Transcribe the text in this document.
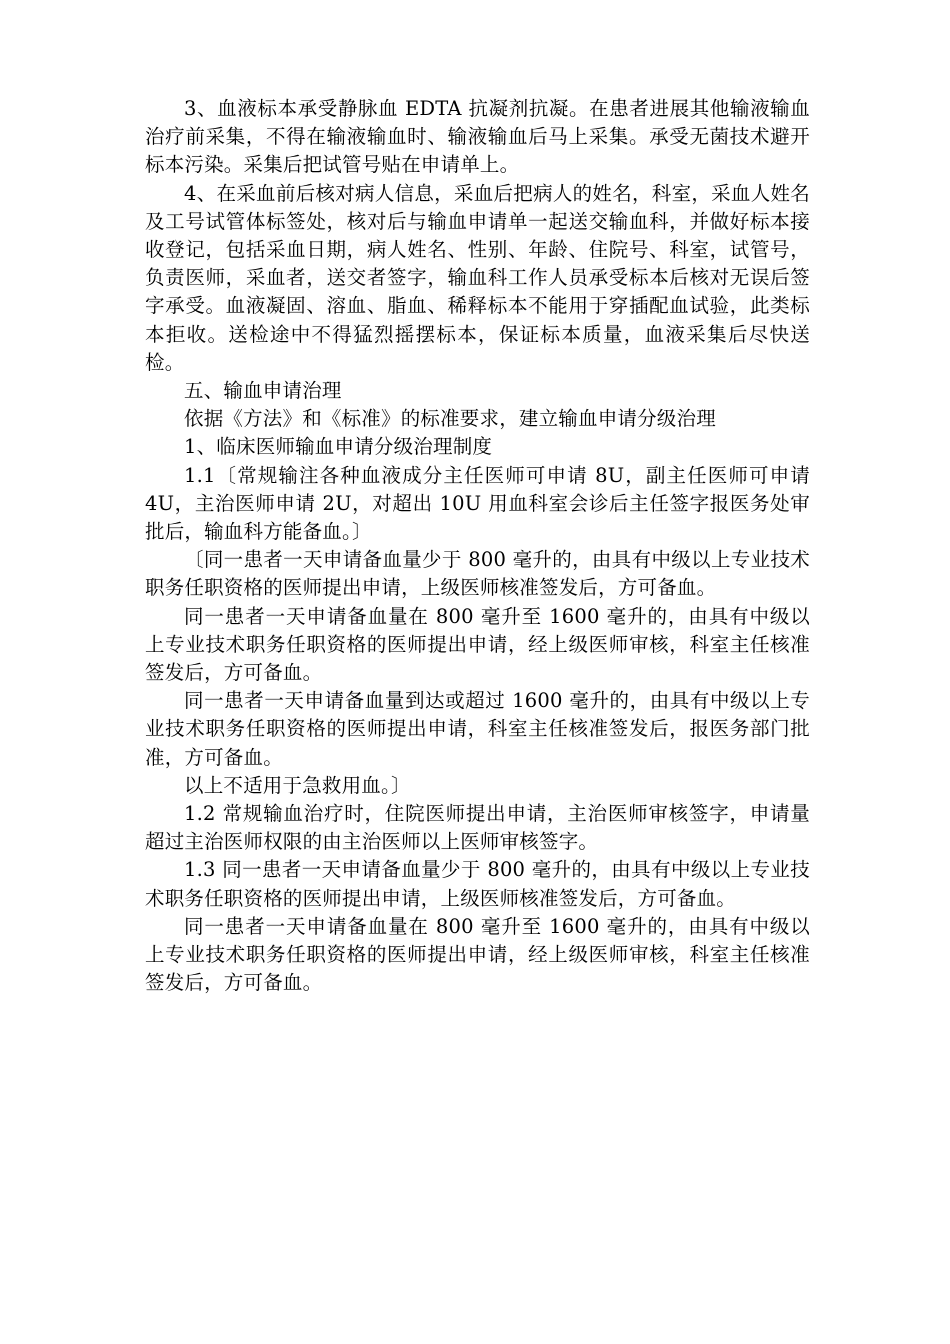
3、血液标本承受静脉血 EDTA 抗凝剂抗凝。在患者进展其他输液输血治疗前采集，不得在输液输血时、输液输血后马上采集。承受无菌技术避开标本污染。采集后把试管号贴在申请单上。

4、在采血前后核对病人信息，采血后把病人的姓名，科室，采血人姓名及工号试管体标签处，核对后与输血申请单一起送交输血科，并做好标本接收登记，包括采血日期，病人姓名、性别、年龄、住院号、科室，试管号，负责医师，采血者，送交者签字，输血科工作人员承受标本后核对无误后签字承受。血液凝固、溶血、脂血、稀释标本不能用于穿插配血试验，此类标本拒收。送检途中不得猛烈摇摆标本，保证标本质量，血液采集后尽快送检。

五、输血申请治理

依据《方法》和《标准》的标准要求，建立输血申请分级治理

1、临床医师输血申请分级治理制度

1.1〔常规输注各种血液成分主任医师可申请 8U，副主任医师可申请 4U，主治医师申请 2U，对超出 10U 用血科室会诊后主任签字报医务处审批后，输血科方能备血。〕

〔同一患者一天申请备血量少于 800 毫升的，由具有中级以上专业技术职务任职资格的医师提出申请，上级医师核准签发后，方可备血。

同一患者一天申请备血量在 800 毫升至 1600 毫升的，由具有中级以上专业技术职务任职资格的医师提出申请，经上级医师审核，科室主任核准签发后，方可备血。

同一患者一天申请备血量到达或超过 1600 毫升的，由具有中级以上专业技术职务任职资格的医师提出申请，科室主任核准签发后，报医务部门批准，方可备血。

以上不适用于急救用血。〕

1.2 常规输血治疗时，住院医师提出申请，主治医师审核签字，申请量超过主治医师权限的由主治医师以上医师审核签字。

1.3 同一患者一天申请备血量少于 800 毫升的，由具有中级以上专业技术职务任职资格的医师提出申请，上级医师核准签发后，方可备血。

同一患者一天申请备血量在 800 毫升至 1600 毫升的，由具有中级以上专业技术职务任职资格的医师提出申请，经上级医师审核，科室主任核准签发后，方可备血。
